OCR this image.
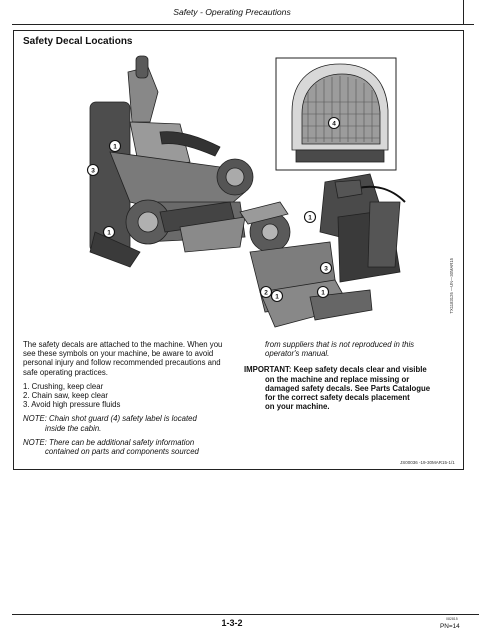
Safety - Operating Precautions
Safety Decal Locations
1
1
3
1
4
1
3
2
1	TX1183126 —UN—30MAR15

The safety decals are attached to the machine. When you see these symbols on your machine, be aware to avoid personal injury and follow recommended precautions and safe operating practices.

1. Crushing, keep clear
2. Chain saw, keep clear
3. Avoid high pressure fluids

NOTE: Chain shot guard (4) safety label is located
inside the cabin.

NOTE: There can be additional safety information
contained on parts and components sourced

from suppliers that is not reproduced in this
operator's manual.

IMPORTANT: Keep safety decals clear and visible
on the machine and replace missing or
damaged safety decals. See Parts Catalogue
for the correct safety decals placement
on your machine.

JS00036 -19-30MAR15-1/1
1-3-2	082815
PN=14
